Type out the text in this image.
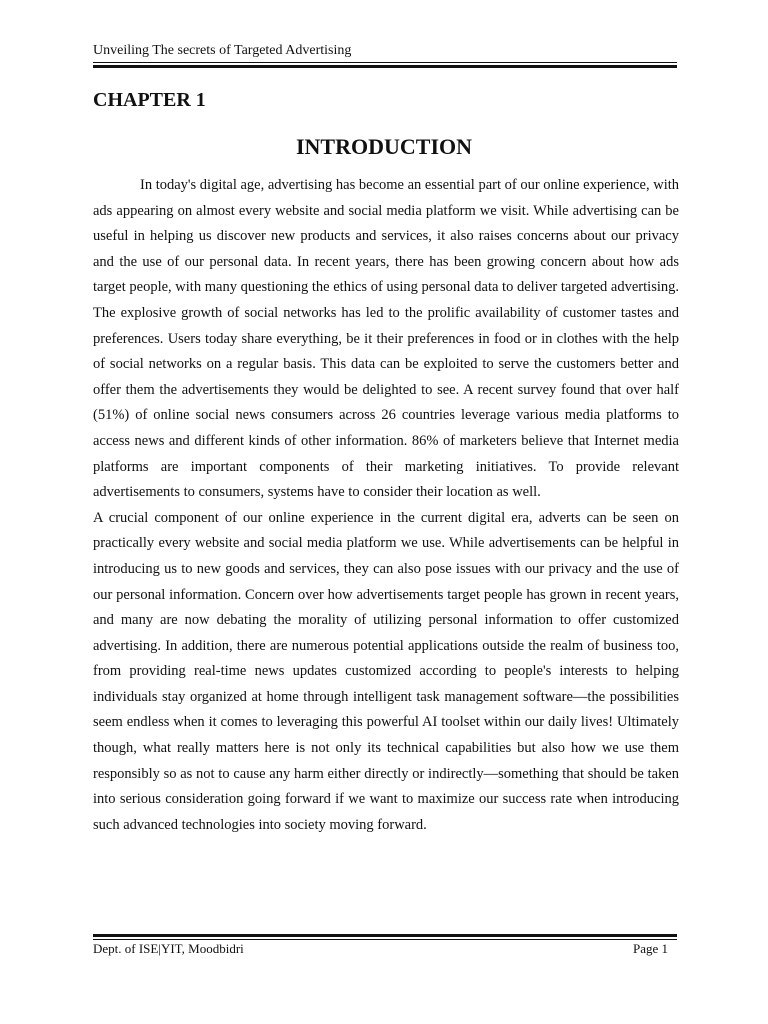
Unveiling The secrets of Targeted Advertising
CHAPTER 1
INTRODUCTION

In today's digital age, advertising has become an essential part of our online experience, with ads appearing on almost every website and social media platform we visit. While advertising can be useful in helping us discover new products and services, it also raises concerns about our privacy and the use of our personal data. In recent years, there has been growing concern about how ads target people, with many questioning the ethics of using personal data to deliver targeted advertising. The explosive growth of social networks has led to the prolific availability of customer tastes and preferences. Users today share everything, be it their preferences in food or in clothes with the help of social networks on a regular basis. This data can be exploited to serve the customers better and offer them the advertisements they would be delighted to see. A recent survey found that over half (51%) of online social news consumers across 26 countries leverage various media platforms to access news and different kinds of other information. 86% of marketers believe that Internet media platforms are important components of their marketing initiatives. To provide relevant advertisements to consumers, systems have to consider their location as well.

A crucial component of our online experience in the current digital era, adverts can be seen on practically every website and social media platform we use. While advertisements can be helpful in introducing us to new goods and services, they can also pose issues with our privacy and the use of our personal information. Concern over how advertisements target people has grown in recent years, and many are now debating the morality of utilizing personal information to offer customized advertising. In addition, there are numerous potential applications outside the realm of business too, from providing real-time news updates customized according to people's interests to helping individuals stay organized at home through intelligent task management software—the possibilities seem endless when it comes to leveraging this powerful AI toolset within our daily lives! Ultimately though, what really matters here is not only its technical capabilities but also how we use them responsibly so as not to cause any harm either directly or indirectly—something that should be taken into serious consideration going forward if we want to maximize our success rate when introducing such advanced technologies into society moving forward.

Dept. of ISE|YIT, Moodbidri	Page 1
